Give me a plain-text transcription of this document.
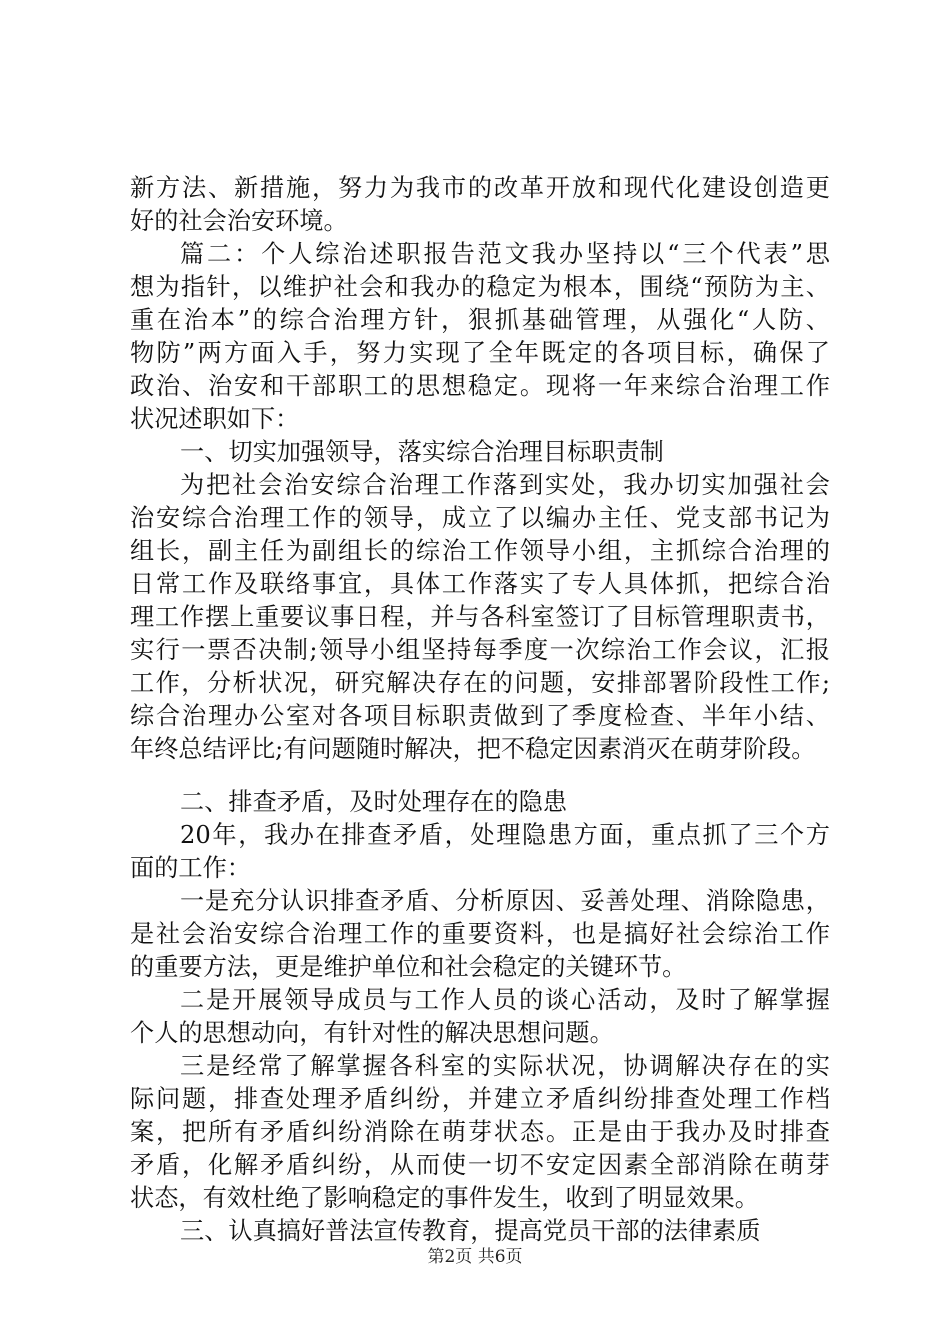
新方法、新措施，努力为我市的改革开放和现代化建设创造更
好的社会治安环境。
篇二：个人综治述职报告范文我办坚持以“三个代表”思
想为指针，以维护社会和我办的稳定为根本，围绕“预防为主、
重在治本”的综合治理方针，狠抓基础管理，从强化“人防、
物防”两方面入手，努力实现了全年既定的各项目标，确保了
政治、治安和干部职工的思想稳定。现将一年来综合治理工作
状况述职如下：
一、切实加强领导，落实综合治理目标职责制
为把社会治安综合治理工作落到实处，我办切实加强社会
治安综合治理工作的领导，成立了以编办主任、党支部书记为
组长，副主任为副组长的综治工作领导小组，主抓综合治理的
日常工作及联络事宜，具体工作落实了专人具体抓，把综合治
理工作摆上重要议事日程，并与各科室签订了目标管理职责书，
实行一票否决制;领导小组坚持每季度一次综治工作会议，汇报
工作，分析状况，研究解决存在的问题，安排部署阶段性工作;
综合治理办公室对各项目标职责做到了季度检查、半年小结、
年终总结评比;有问题随时解决，把不稳定因素消灭在萌芽阶段。
二、排查矛盾，及时处理存在的隐患
20年，我办在排查矛盾，处理隐患方面，重点抓了三个方
面的工作：
一是充分认识排查矛盾、分析原因、妥善处理、消除隐患，
是社会治安综合治理工作的重要资料，也是搞好社会综治工作
的重要方法，更是维护单位和社会稳定的关键环节。
二是开展领导成员与工作人员的谈心活动，及时了解掌握
个人的思想动向，有针对性的解决思想问题。
三是经常了解掌握各科室的实际状况，协调解决存在的实
际问题，排查处理矛盾纠纷，并建立矛盾纠纷排查处理工作档
案，把所有矛盾纠纷消除在萌芽状态。正是由于我办及时排查
矛盾，化解矛盾纠纷，从而使一切不安定因素全部消除在萌芽
状态，有效杜绝了影响稳定的事件发生，收到了明显效果。
三、认真搞好普法宣传教育，提高党员干部的法律素质
第2页 共6页
